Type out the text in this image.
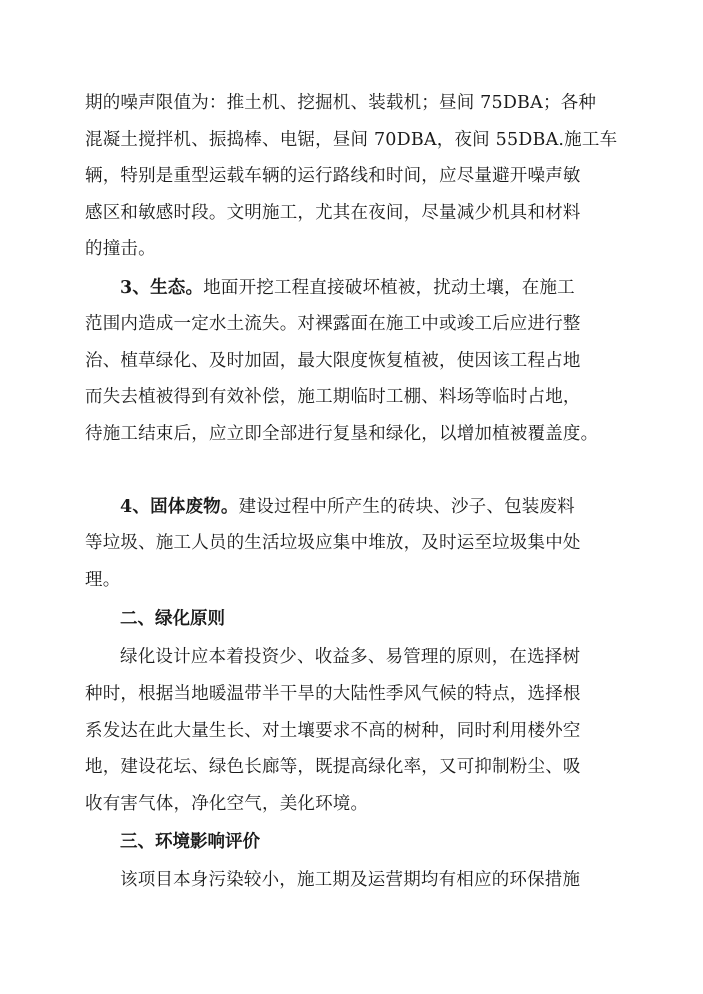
期的噪声限值为：推土机、挖掘机、装载机；昼间 75DBA；各种
混凝土搅拌机、振捣棒、电锯，昼间 70DBA，夜间 55DBA.施工车
辆，特别是重型运载车辆的运行路线和时间，应尽量避开噪声敏
感区和敏感时段。文明施工，尤其在夜间，尽量减少机具和材料
的撞击。
3、生态。地面开挖工程直接破坏植被，扰动土壤，在施工
范围内造成一定水土流失。对裸露面在施工中或竣工后应进行整
治、植草绿化、及时加固，最大限度恢复植被，使因该工程占地
而失去植被得到有效补偿，施工期临时工棚、料场等临时占地，
待施工结束后，应立即全部进行复垦和绿化，以增加植被覆盖度。
4、固体废物。建设过程中所产生的砖块、沙子、包装废料
等垃圾、施工人员的生活垃圾应集中堆放，及时运至垃圾集中处
理。
二、绿化原则
绿化设计应本着投资少、收益多、易管理的原则，在选择树
种时，根据当地暖温带半干旱的大陆性季风气候的特点，选择根
系发达在此大量生长、对土壤要求不高的树种，同时利用楼外空
地，建设花坛、绿色长廊等，既提高绿化率，又可抑制粉尘、吸
收有害气体，净化空气，美化环境。
三、环境影响评价
该项目本身污染较小，施工期及运营期均有相应的环保措施
